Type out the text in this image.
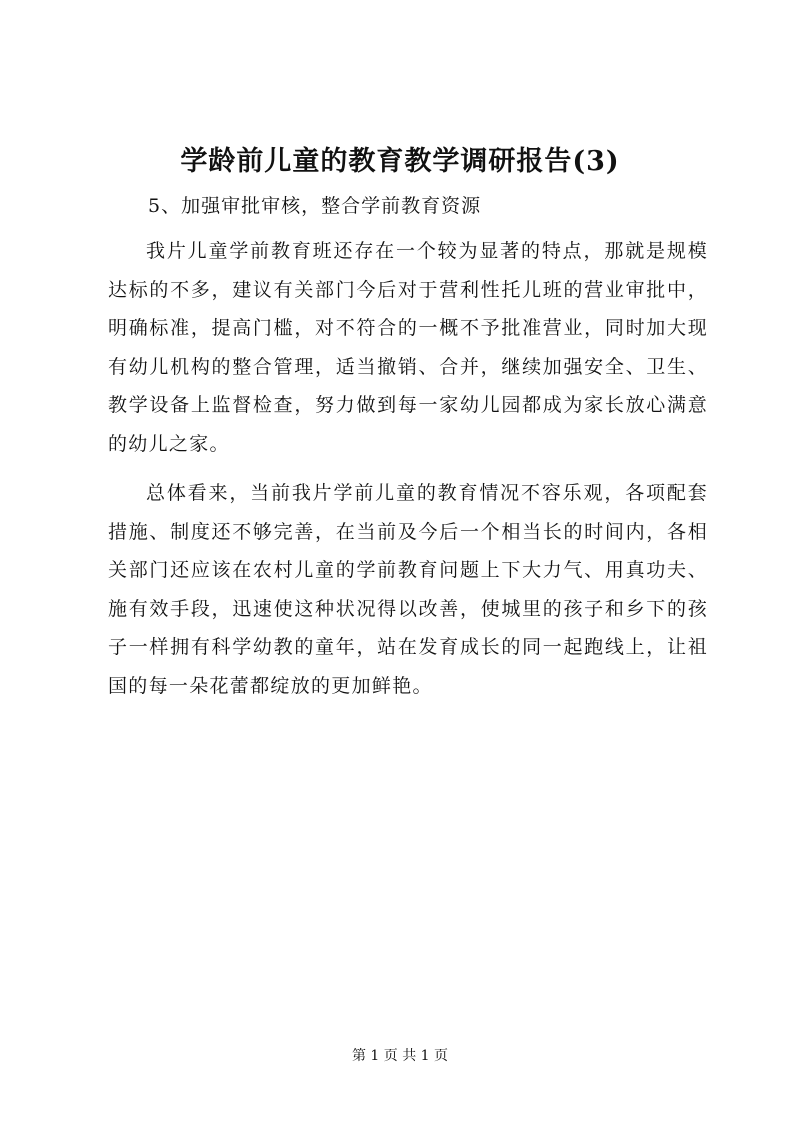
学龄前儿童的教育教学调研报告(3)

5、加强审批审核，整合学前教育资源

我片儿童学前教育班还存在一个较为显著的特点，那就是规模达标的不多，建议有关部门今后对于营利性托儿班的营业审批中，明确标准，提高门槛，对不符合的一概不予批准营业，同时加大现有幼儿机构的整合管理，适当撤销、合并，继续加强安全、卫生、教学设备上监督检查，努力做到每一家幼儿园都成为家长放心满意的幼儿之家。

总体看来，当前我片学前儿童的教育情况不容乐观，各项配套措施、制度还不够完善，在当前及今后一个相当长的时间内，各相关部门还应该在农村儿童的学前教育问题上下大力气、用真功夫、施有效手段，迅速使这种状况得以改善，使城里的孩子和乡下的孩子一样拥有科学幼教的童年，站在发育成长的同一起跑线上，让祖国的每一朵花蕾都绽放的更加鲜艳。

第 1 页 共 1 页
